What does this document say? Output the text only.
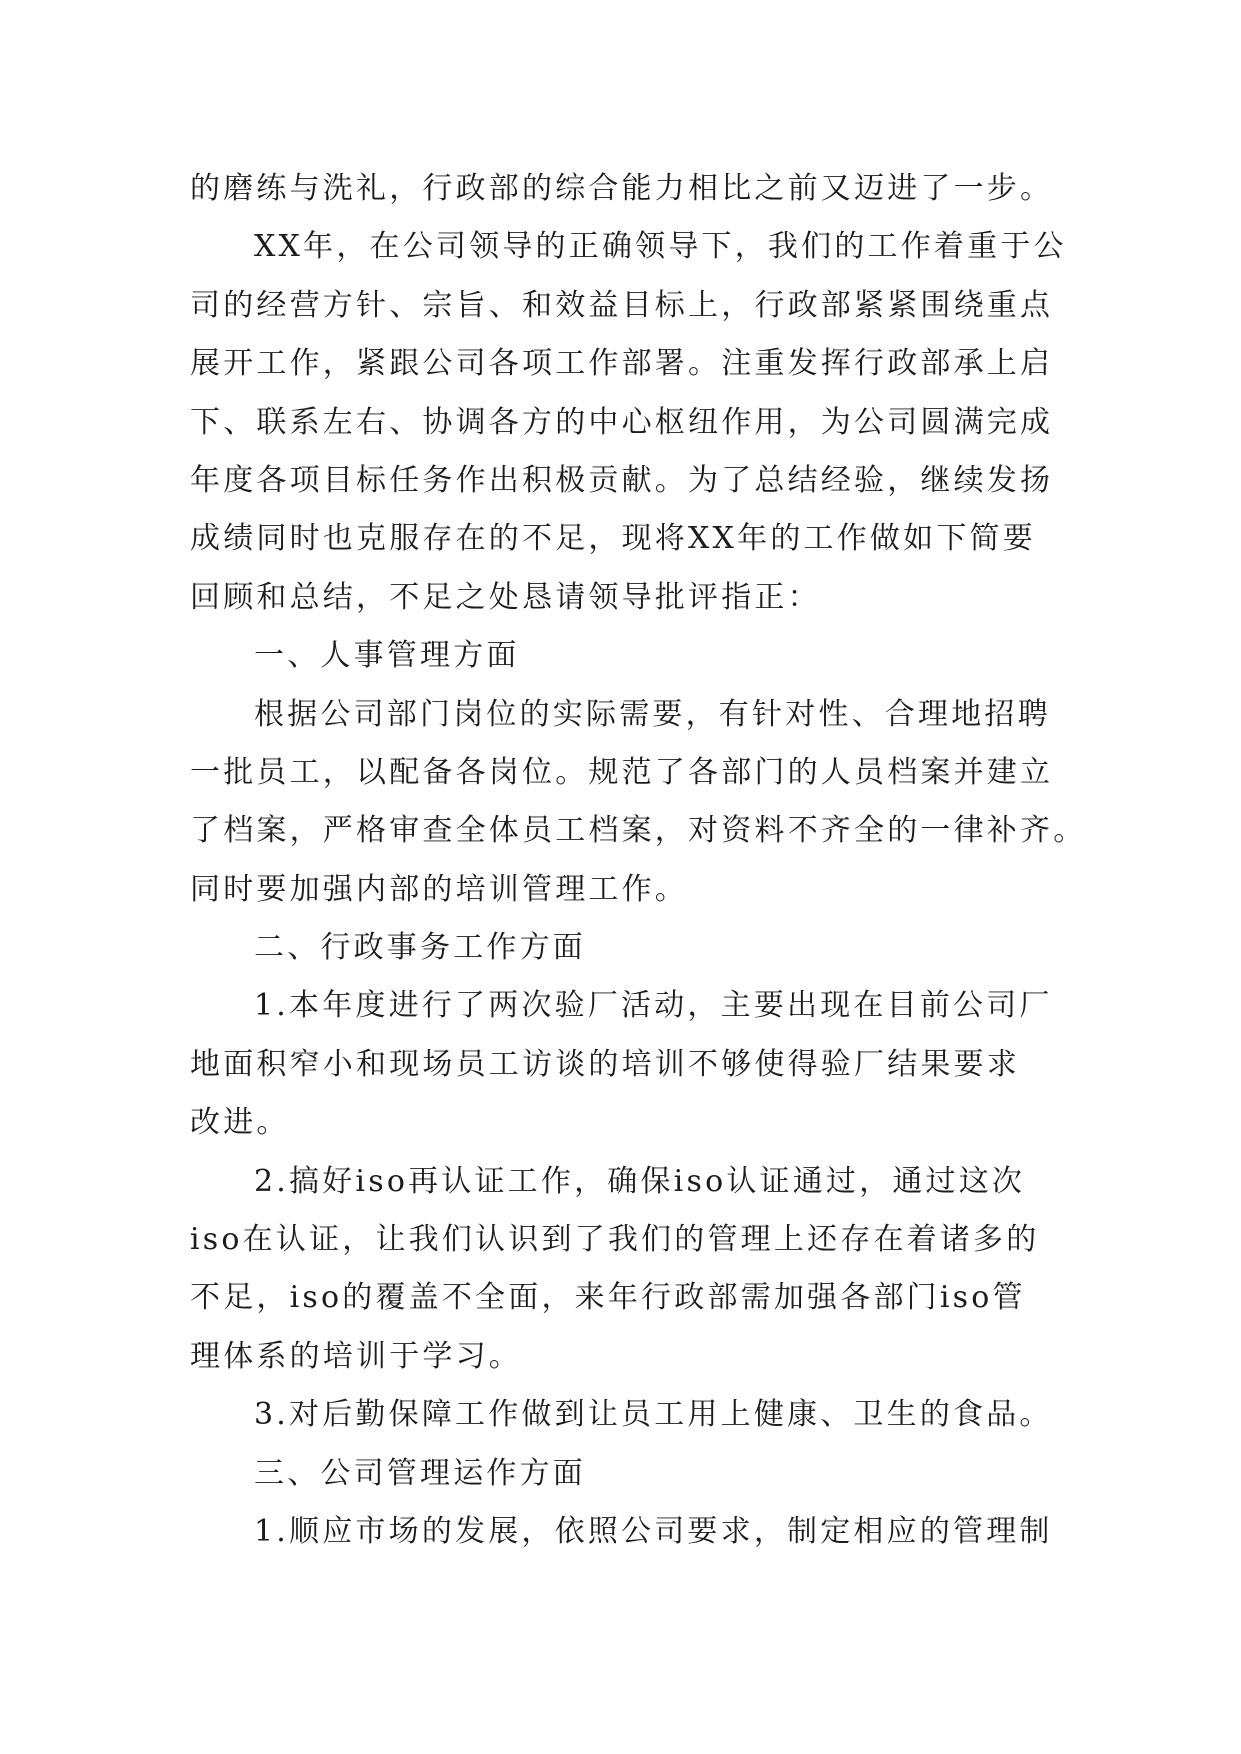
的磨练与洗礼，行政部的综合能力相比之前又迈进了一步。
XX年，在公司领导的正确领导下，我们的工作着重于公
司的经营方针、宗旨、和效益目标上，行政部紧紧围绕重点
展开工作，紧跟公司各项工作部署。注重发挥行政部承上启
下、联系左右、协调各方的中心枢纽作用，为公司圆满完成
年度各项目标任务作出积极贡献。为了总结经验，继续发扬
成绩同时也克服存在的不足，现将XX年的工作做如下简要
回顾和总结，不足之处恳请领导批评指正：
一、人事管理方面
根据公司部门岗位的实际需要，有针对性、合理地招聘
一批员工，以配备各岗位。规范了各部门的人员档案并建立
了档案，严格审查全体员工档案，对资料不齐全的一律补齐。
同时要加强内部的培训管理工作。
二、行政事务工作方面
1.本年度进行了两次验厂活动，主要出现在目前公司厂
地面积窄小和现场员工访谈的培训不够使得验厂结果要求
改进。
2.搞好iso再认证工作，确保iso认证通过，通过这次
iso在认证，让我们认识到了我们的管理上还存在着诸多的
不足，iso的覆盖不全面，来年行政部需加强各部门iso管
理体系的培训于学习。
3.对后勤保障工作做到让员工用上健康、卫生的食品。
三、公司管理运作方面
1.顺应市场的发展，依照公司要求，制定相应的管理制
